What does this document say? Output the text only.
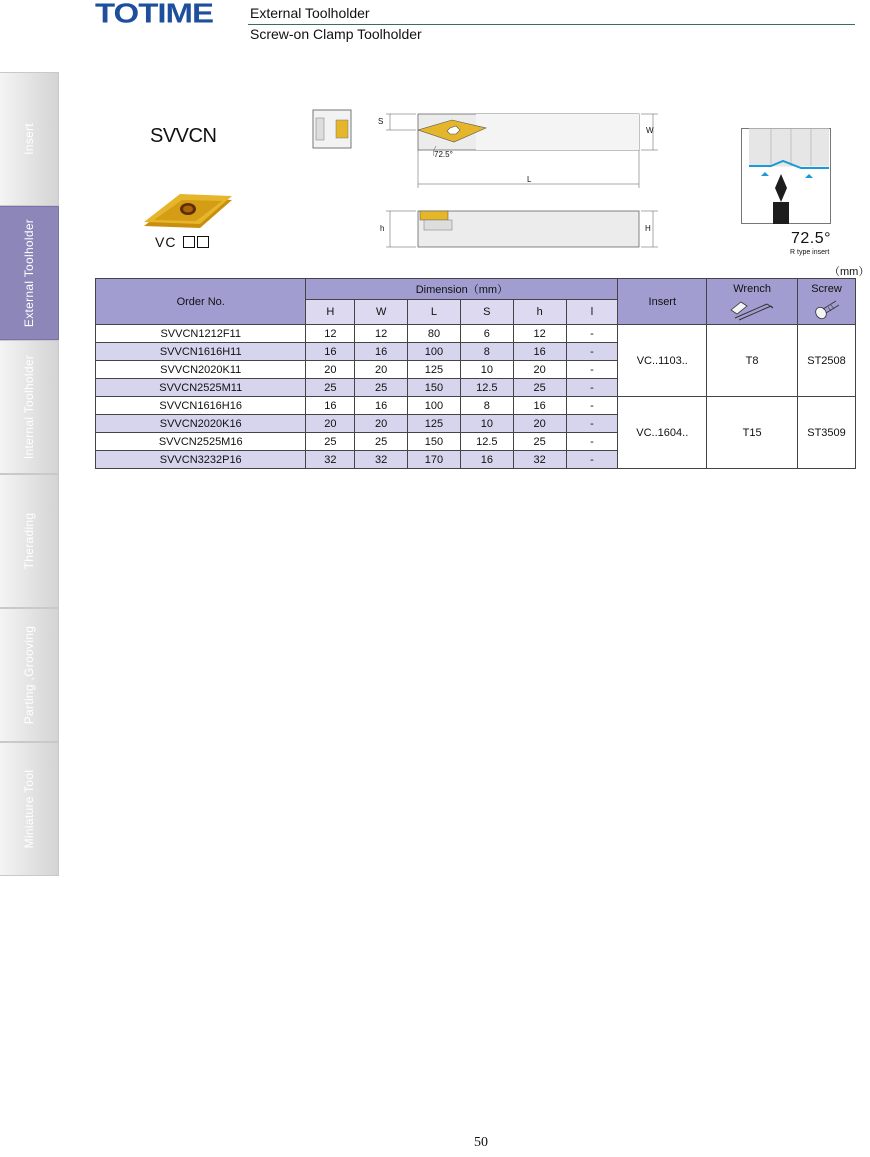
TOTIME	External Toolholder
Screw-on Clamp Toolholder
Insert
External Toolholder
Internal Toolholder
Therading
Parting ,Grooving
Miniature Tool
SVVCN
VC
S
W
72.5°
L
h	H
72.5°
R type insert
（mm）
Order No.	Dimension（mm）						Insert	Wrench	Screw

	H	W	L	S	h	l			
SVVCN1212F11	12	12	80	6	12	-	VC..1103..	T8	ST2508
SVVCN1616H11	16	16	100	8	16	-			
SVVCN2020K11	20	20	125	10	20	-			
SVVCN2525M11	25	25	150	12.5	25	-			
SVVCN1616H16	16	16	100	8	16	-	VC..1604..	T15	ST3509
SVVCN2020K16	20	20	125	10	20	-			
SVVCN2525M16	25	25	150	12.5	25	-			
SVVCN3232P16	32	32	170	16	32	-			
50
